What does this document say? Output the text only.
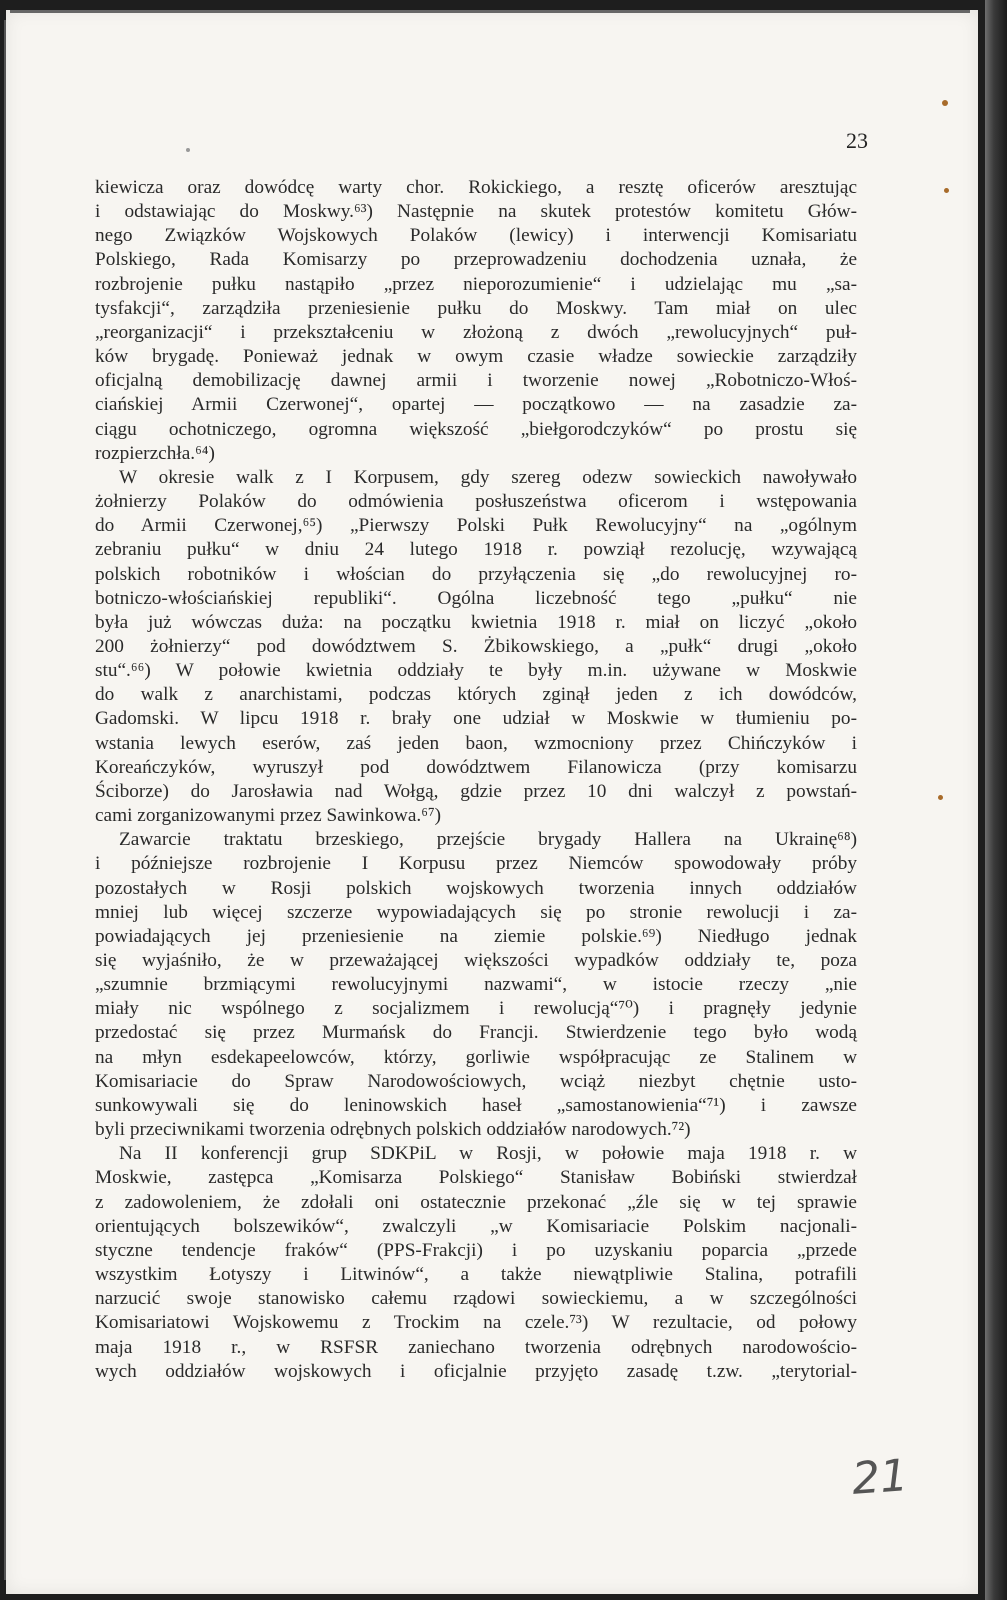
23
kiewicza oraz dowódcę warty chor. Rokickiego, a resztę oficerów aresztując
i odstawiając do Moskwy.⁶³) Następnie na skutek protestów komitetu Głów-
nego Związków Wojskowych Polaków (lewicy) i interwencji Komisariatu
Polskiego, Rada Komisarzy po przeprowadzeniu dochodzenia uznała, że
rozbrojenie pułku nastąpiło „przez nieporozumienie“ i udzielając mu „sa-
tysfakcji“, zarządziła przeniesienie pułku do Moskwy. Tam miał on ulec
„reorganizacji“ i przekształceniu w złożoną z dwóch „rewolucyjnych“ puł-
ków brygadę. Ponieważ jednak w owym czasie władze sowieckie zarządziły
oficjalną demobilizację dawnej armii i tworzenie nowej „Robotniczo-Włoś-
ciańskiej Armii Czerwonej“, opartej — początkowo — na zasadzie za-
ciągu ochotniczego, ogromna większość „biełgorodczyków“ po prostu się
rozpierzchła.⁶⁴)
W okresie walk z I Korpusem, gdy szereg odezw sowieckich nawoływało
żołnierzy Polaków do odmówienia posłuszeństwa oficerom i wstępowania
do Armii Czerwonej,⁶⁵) „Pierwszy Polski Pułk Rewolucyjny“ na „ogólnym
zebraniu pułku“ w dniu 24 lutego 1918 r. powziął rezolucję, wzywającą
polskich robotników i włościan do przyłączenia się „do rewolucyjnej ro-
botniczo-włościańskiej republiki“. Ogólna liczebność tego „pułku“ nie
była już wówczas duża: na początku kwietnia 1918 r. miał on liczyć „około
200 żołnierzy“ pod dowództwem S. Żbikowskiego, a „pułk“ drugi „około
stu“.⁶⁶) W połowie kwietnia oddziały te były m.in. używane w Moskwie
do walk z anarchistami, podczas których zginął jeden z ich dowódców,
Gadomski. W lipcu 1918 r. brały one udział w Moskwie w tłumieniu po-
wstania lewych eserów, zaś jeden baon, wzmocniony przez Chińczyków i
Koreańczyków, wyruszył pod dowództwem Filanowicza (przy komisarzu
Ściborze) do Jarosławia nad Wołgą, gdzie przez 10 dni walczył z powstań-
cami zorganizowanymi przez Sawinkowa.⁶⁷)
Zawarcie traktatu brzeskiego, przejście brygady Hallera na Ukrainę⁶⁸)
i późniejsze rozbrojenie I Korpusu przez Niemców spowodowały próby
pozostałych w Rosji polskich wojskowych tworzenia innych oddziałów
mniej lub więcej szczerze wypowiadających się po stronie rewolucji i za-
powiadających jej przeniesienie na ziemie polskie.⁶⁹) Niedługo jednak
się wyjaśniło, że w przeważającej większości wypadków oddziały te, poza
„szumnie brzmiącymi rewolucyjnymi nazwami“, w istocie rzeczy „nie
miały nic wspólnego z socjalizmem i rewolucją“⁷⁰) i pragnęły jedynie
przedostać się przez Murmańsk do Francji. Stwierdzenie tego było wodą
na młyn esdekapeelowców, którzy, gorliwie współpracując ze Stalinem w
Komisariacie do Spraw Narodowościowych, wciąż niezbyt chętnie usto-
sunkowywali się do leninowskich haseł „samostanowienia“⁷¹) i zawsze
byli przeciwnikami tworzenia odrębnych polskich oddziałów narodowych.⁷²)
Na II konferencji grup SDKPiL w Rosji, w połowie maja 1918 r. w
Moskwie, zastępca „Komisarza Polskiego“ Stanisław Bobiński stwierdzał
z zadowoleniem, że zdołali oni ostatecznie przekonać „źle się w tej sprawie
orientujących bolszewików“, zwalczyli „w Komisariacie Polskim nacjonali-
styczne tendencje fraków“ (PPS-Frakcji) i po uzyskaniu poparcia „przede
wszystkim Łotyszy i Litwinów“, a także niewątpliwie Stalina, potrafili
narzucić swoje stanowisko całemu rządowi sowieckiemu, a w szczególności
Komisariatowi Wojskowemu z Trockim na czele.⁷³) W rezultacie, od połowy
maja 1918 r., w RSFSR zaniechano tworzenia odrębnych narodowościo-
wych oddziałów wojskowych i oficjalnie przyjęto zasadę t.zw. „terytorial-
21
